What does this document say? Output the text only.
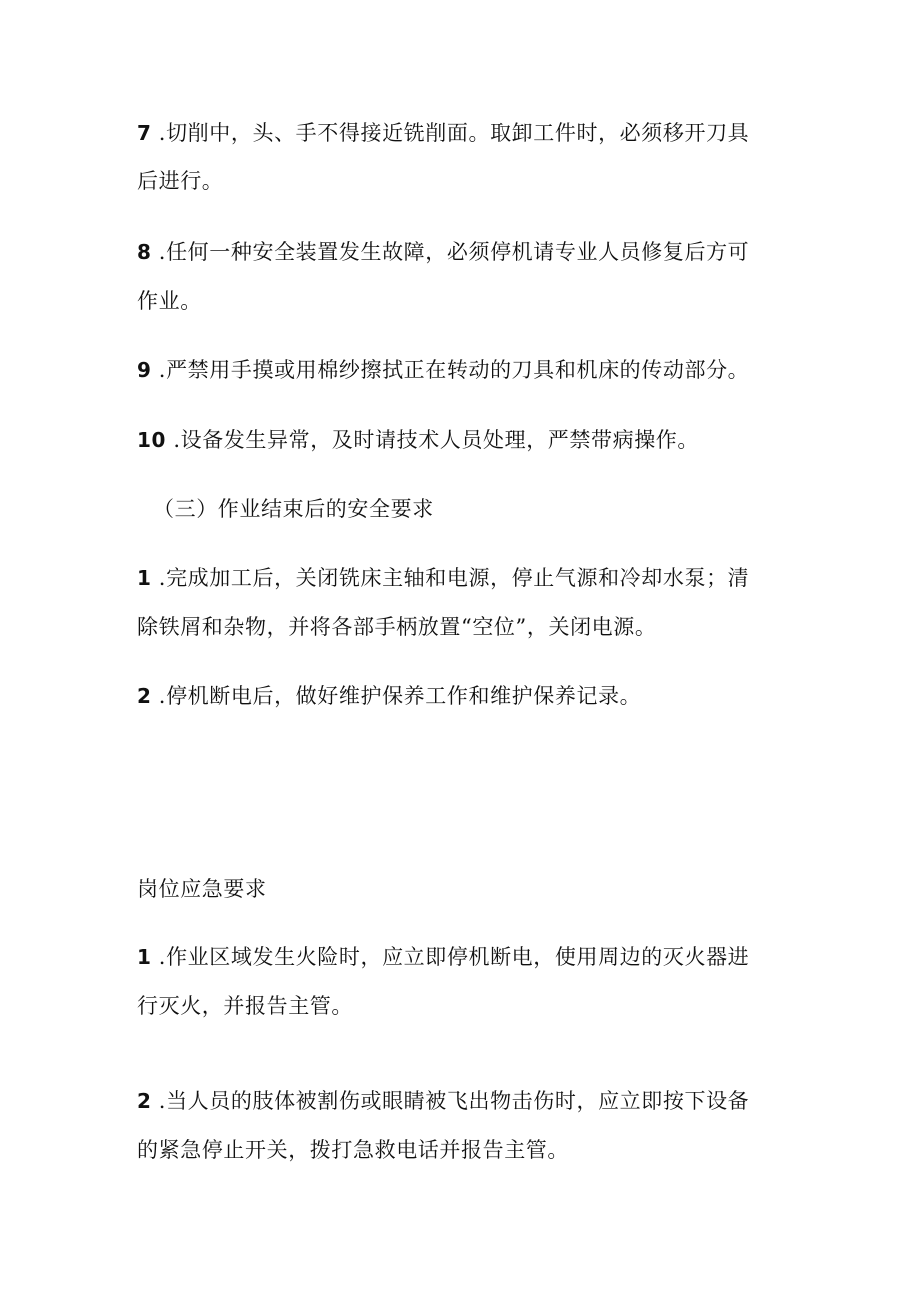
7 .切削中，头、手不得接近铣削面。取卸工件时，必须移开刀具
后进行。
8 .任何一种安全装置发生故障，必须停机请专业人员修复后方可
作业。
9 .严禁用手摸或用棉纱擦拭正在转动的刀具和机床的传动部分。
10 .设备发生异常，及时请技术人员处理，严禁带病操作。
（三）作业结束后的安全要求
1 .完成加工后，关闭铣床主轴和电源，停止气源和冷却水泵；清
除铁屑和杂物，并将各部手柄放置“空位”，关闭电源。
2 .停机断电后，做好维护保养工作和维护保养记录。
岗位应急要求
1 .作业区域发生火险时，应立即停机断电，使用周边的灭火器进
行灭火，并报告主管。
2 .当人员的肢体被割伤或眼睛被飞出物击伤时，应立即按下设备
的紧急停止开关，拨打急救电话并报告主管。
